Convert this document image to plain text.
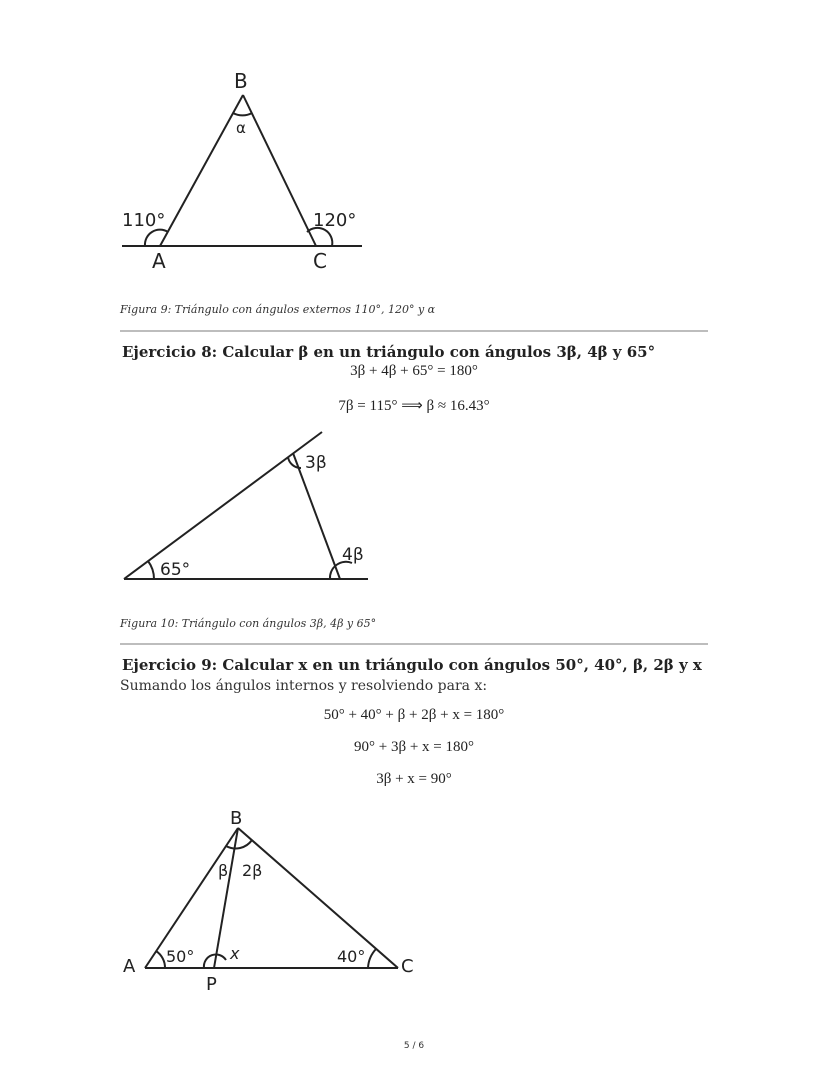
B
α
110°	120°
A	C
Figura 9: Triángulo con ángulos externos 110°, 120° y α
Ejercicio 8: Calcular β en un triángulo con ángulos 3β, 4β y 65°
3β + 4β + 65° = 180°
7β = 115° ⟹ β ≈ 16.43°
3β
65°
4β
Figura 10: Triángulo con ángulos 3β, 4β y 65°
Ejercicio 9: Calcular x en un triángulo con ángulos 50°, 40°, β, 2β y x
Sumando los ángulos internos y resolviendo para x:
50° + 40° + β + 2β + x = 180°
90° + 3β + x = 180°
3β + x = 90°
B
A	C
P
β 2β
50° x	40°
5 / 6
